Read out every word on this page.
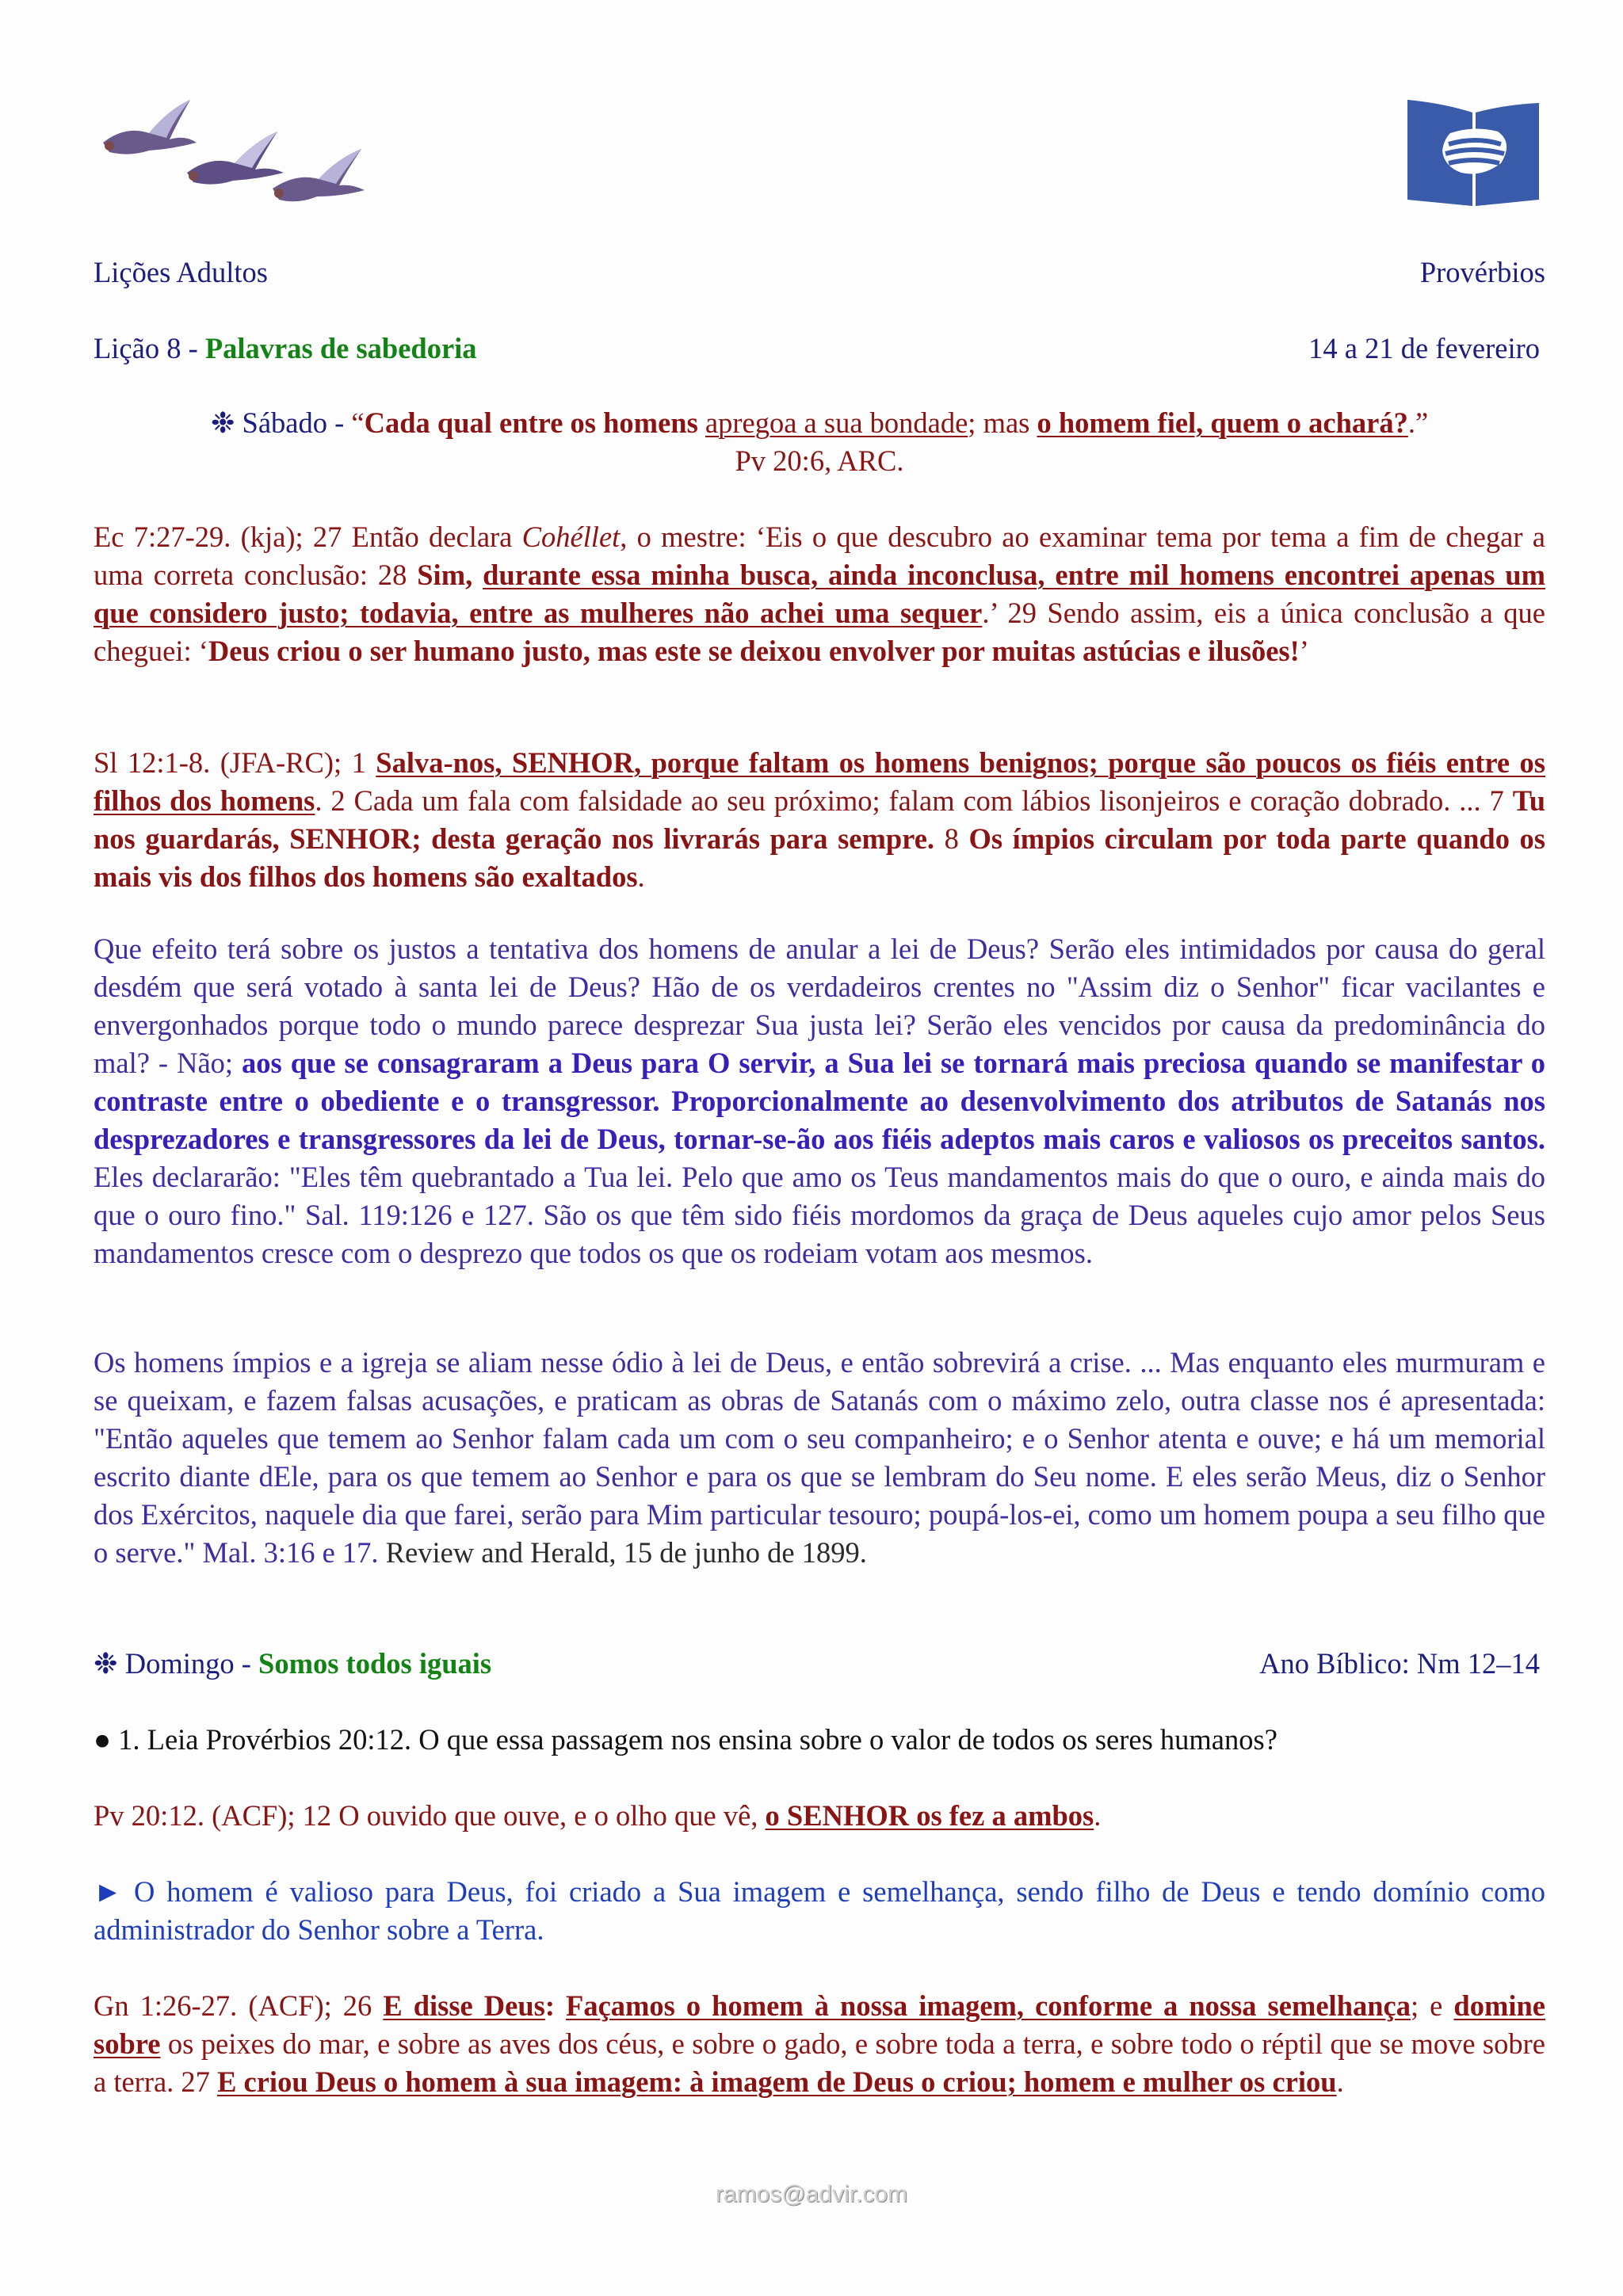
Lições Adultos	Provérbios
Lição 8 - Palavras de sabedoria	14 a 21 de fevereiro
❉ Sábado - “Cada qual entre os homens apregoa a sua bondade; mas o homem fiel, quem o achará?.”
Pv 20:6, ARC.
Ec 7:27-29. (kja); 27 Então declara Cohéllet, o mestre: ‘Eis o que descubro ao examinar tema por tema a fim de chegar a uma correta conclusão: 28 Sim, durante essa minha busca, ainda inconclusa, entre mil homens encontrei apenas um que considero justo; todavia, entre as mulheres não achei uma sequer.’ 29 Sendo assim, eis a única conclusão a que cheguei: ‘Deus criou o ser humano justo, mas este se deixou envolver por muitas astúcias e ilusões!’
Sl 12:1-8. (JFA-RC); 1 Salva-nos, SENHOR, porque faltam os homens benignos; porque são poucos os fiéis entre os filhos dos homens. 2 Cada um fala com falsidade ao seu próximo; falam com lábios lisonjeiros e coração dobrado. ... 7 Tu nos guardarás, SENHOR; desta geração nos livrarás para sempre. 8 Os ímpios circulam por toda parte quando os mais vis dos filhos dos homens são exaltados.
Que efeito terá sobre os justos a tentativa dos homens de anular a lei de Deus? Serão eles intimidados por causa do geral desdém que será votado à santa lei de Deus? Hão de os verdadeiros crentes no "Assim diz o Senhor" ficar vacilantes e envergonhados porque todo o mundo parece desprezar Sua justa lei? Serão eles vencidos por causa da predominância do mal? - Não; aos que se consagraram a Deus para O servir, a Sua lei se tornará mais preciosa quando se manifestar o contraste entre o obediente e o transgressor. Proporcionalmente ao desenvolvimento dos atributos de Satanás nos desprezadores e transgressores da lei de Deus, tornar-se-ão aos fiéis adeptos mais caros e valiosos os preceitos santos. Eles declararão: "Eles têm quebrantado a Tua lei. Pelo que amo os Teus mandamentos mais do que o ouro, e ainda mais do que o ouro fino." Sal. 119:126 e 127. São os que têm sido fiéis mordomos da graça de Deus aqueles cujo amor pelos Seus mandamentos cresce com o desprezo que todos os que os rodeiam votam aos mesmos.
Os homens ímpios e a igreja se aliam nesse ódio à lei de Deus, e então sobrevirá a crise. ... Mas enquanto eles murmuram e se queixam, e fazem falsas acusações, e praticam as obras de Satanás com o máximo zelo, outra classe nos é apresentada: "Então aqueles que temem ao Senhor falam cada um com o seu companheiro; e o Senhor atenta e ouve; e há um memorial escrito diante dEle, para os que temem ao Senhor e para os que se lembram do Seu nome. E eles serão Meus, diz o Senhor dos Exércitos, naquele dia que farei, serão para Mim particular tesouro; poupá-los-ei, como um homem poupa a seu filho que o serve." Mal. 3:16 e 17. Review and Herald, 15 de junho de 1899.
❉ Domingo - Somos todos iguais	Ano Bíblico: Nm 12–14
● 1. Leia Provérbios 20:12. O que essa passagem nos ensina sobre o valor de todos os seres humanos?
Pv 20:12. (ACF); 12 O ouvido que ouve, e o olho que vê, o SENHOR os fez a ambos.
► O homem é valioso para Deus, foi criado a Sua imagem e semelhança, sendo filho de Deus e tendo domínio como administrador do Senhor sobre a Terra.
Gn 1:26-27. (ACF); 26 E disse Deus: Façamos o homem à nossa imagem, conforme a nossa semelhança; e domine sobre os peixes do mar, e sobre as aves dos céus, e sobre o gado, e sobre toda a terra, e sobre todo o réptil que se move sobre a terra. 27 E criou Deus o homem à sua imagem: à imagem de Deus o criou; homem e mulher os criou.
ramos@advir.com
